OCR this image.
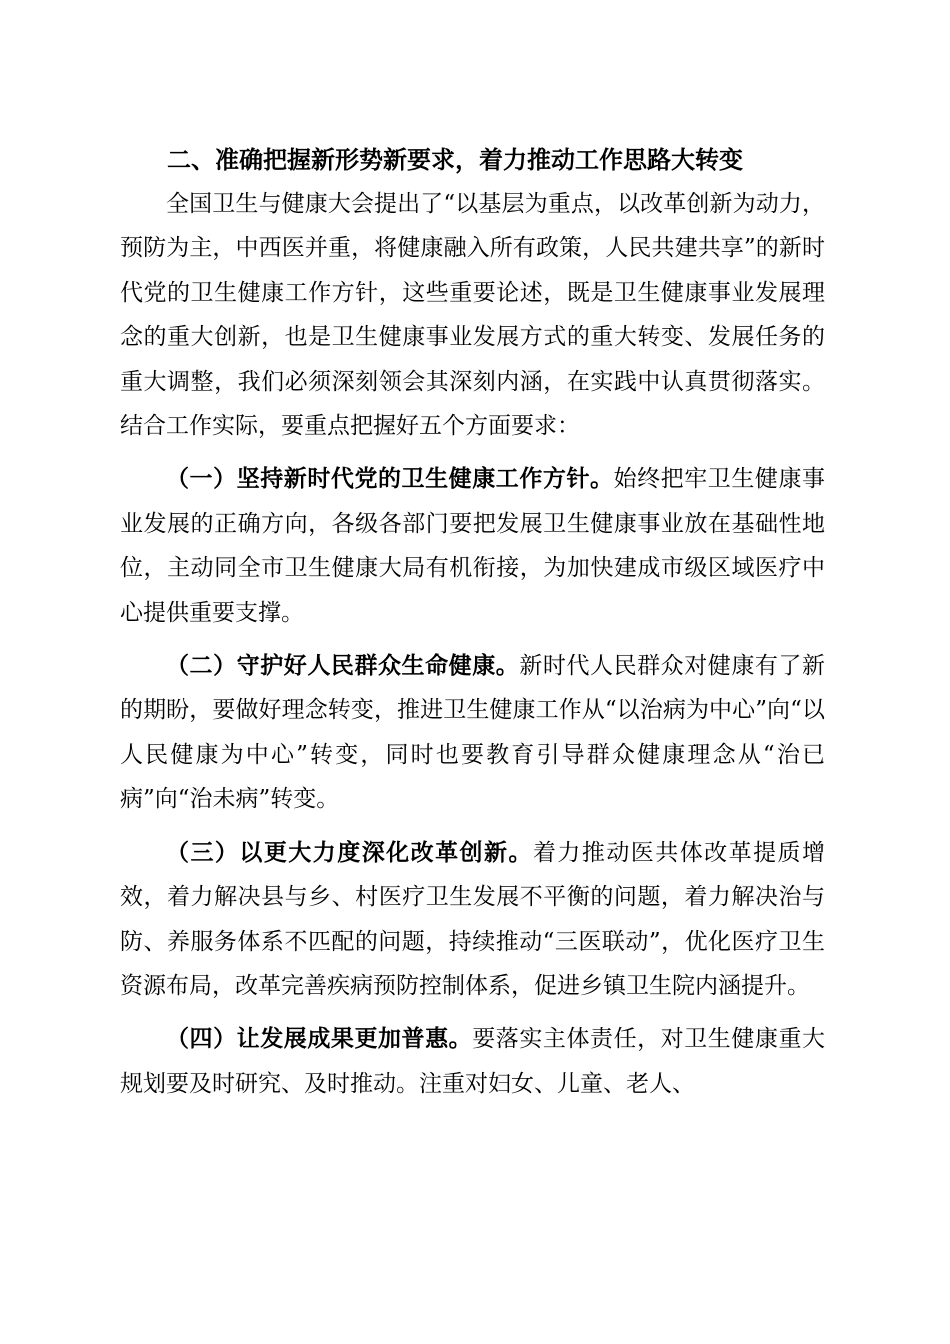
二、准确把握新形势新要求，着力推动工作思路大转变

全国卫生与健康大会提出了“以基层为重点，以改革创新为动力，预防为主，中西医并重，将健康融入所有政策，人民共建共享”的新时代党的卫生健康工作方针，这些重要论述，既是卫生健康事业发展理念的重大创新，也是卫生健康事业发展方式的重大转变、发展任务的重大调整，我们必须深刻领会其深刻内涵，在实践中认真贯彻落实。结合工作实际，要重点把握好五个方面要求：

（一）坚持新时代党的卫生健康工作方针。始终把牢卫生健康事业发展的正确方向，各级各部门要把发展卫生健康事业放在基础性地位，主动同全市卫生健康大局有机衔接，为加快建成市级区域医疗中心提供重要支撑。

（二）守护好人民群众生命健康。新时代人民群众对健康有了新的期盼，要做好理念转变，推进卫生健康工作从“以治病为中心”向“以人民健康为中心”转变，同时也要教育引导群众健康理念从“治已病”向“治未病”转变。

（三）以更大力度深化改革创新。着力推动医共体改革提质增效，着力解决县与乡、村医疗卫生发展不平衡的问题，着力解决治与防、养服务体系不匹配的问题，持续推动“三医联动”，优化医疗卫生资源布局，改革完善疾病预防控制体系，促进乡镇卫生院内涵提升。

（四）让发展成果更加普惠。要落实主体责任，对卫生健康重大规划要及时研究、及时推动。注重对妇女、儿童、老人、
